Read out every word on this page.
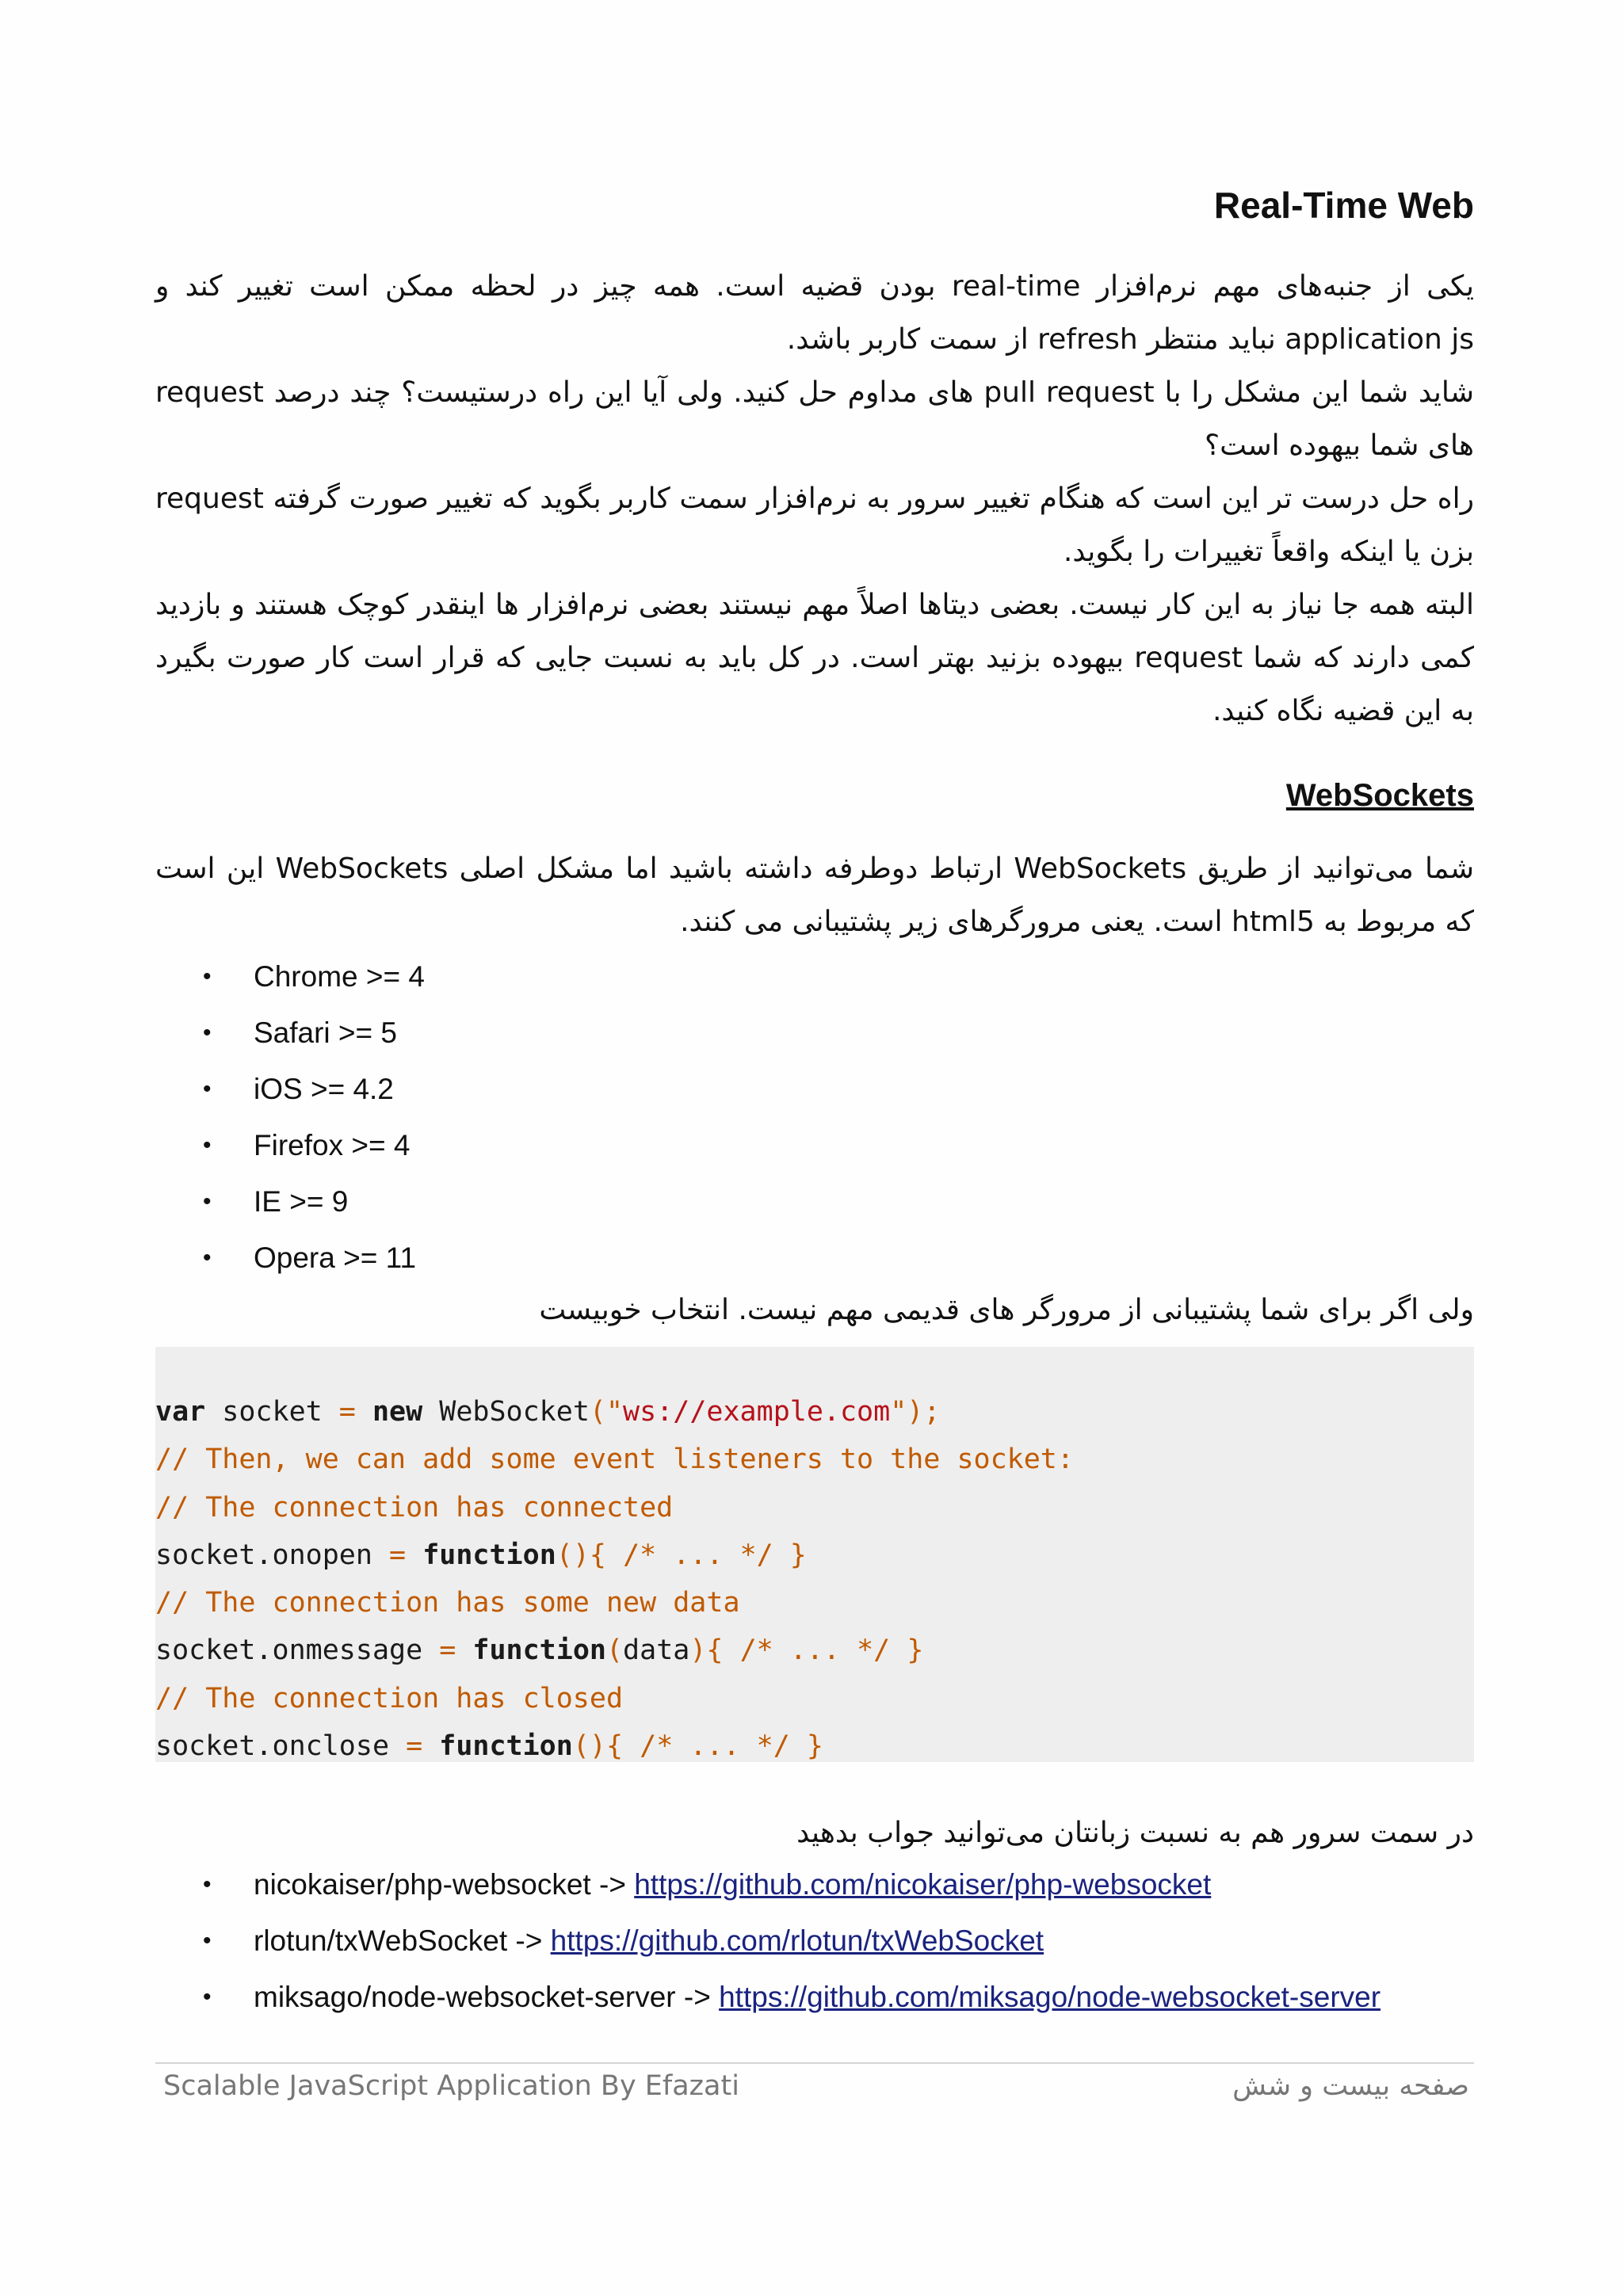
Real-Time Web

یکی از جنبه‌های مهم نرم‌افزار real-time بودن قضیه است. همه چیز در لحظه ممکن است تغییر کند و application js نباید منتظر refresh از سمت کاربر باشد.
شاید شما این مشکل را با pull request های مداوم حل کنید. ولی آیا این راه درستیست؟ چند درصد request های شما بیهوده است؟
راه حل درست تر این است که هنگام تغییر سرور به نرم‌افزار سمت کاربر بگوید که تغییر صورت گرفته request بزن یا اینکه واقعاً تغییرات را بگوید.
البته همه جا نیاز به این کار نیست. بعضی دیتاها اصلاً مهم نیستند بعضی نرم‌افزار ها اینقدر کوچک هستند و بازدید کمی دارند که شما request بیهوده بزنید بهتر است. در کل باید به نسبت جایی که قرار است کار صورت بگیرد به این قضیه نگاه کنید.

WebSockets

شما می‌توانید از طریق WebSockets ارتباط دوطرفه داشته باشید اما مشکل اصلی WebSockets این است که مربوط به html5 است. یعنی مرورگرهای زیر پشتیبانی می کنند.

•	Chrome >= 4
•	Safari >= 5
•	iOS >= 4.2
•	Firefox >= 4
•	IE >= 9
•	Opera >= 11

ولی اگر برای شما پشتیبانی از مرورگر های قدیمی مهم نیست. انتخاب خوبیست

var socket = new WebSocket("ws://example.com");
// Then, we can add some event listeners to the socket:
// The connection has connected
socket.onopen = function(){ /* ... */ }
// The connection has some new data
socket.onmessage = function(data){ /* ... */ }
// The connection has closed
socket.onclose = function(){ /* ... */ }

در سمت سرور هم به نسبت زبانتان می‌توانید جواب بدهید

•	nicokaiser/php-websocket -> https://github.com/nicokaiser/php-websocket
•	rlotun/txWebSocket -> https://github.com/rlotun/txWebSocket
•	miksago/node-websocket-server -> https://github.com/miksago/node-websocket-server
Scalable JavaScript Application By Efazati	صفحه بیست و شش
